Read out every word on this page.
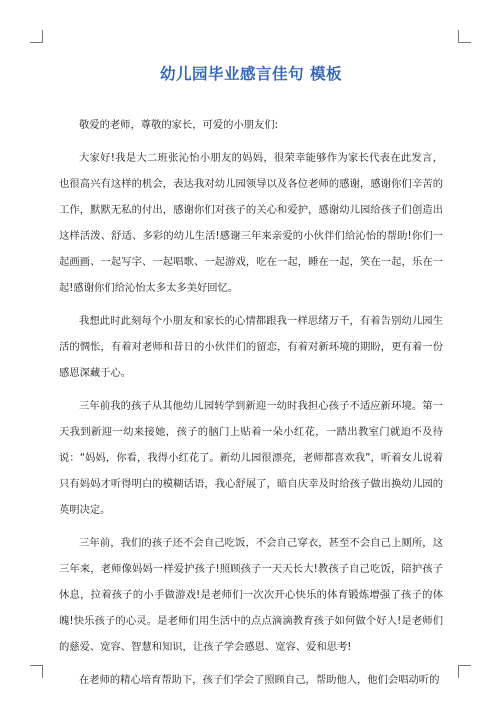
幼儿园毕业感言佳句 模板

敬爱的老师，尊敬的家长，可爱的小朋友们:

大家好!我是大二班张沁怡小朋友的妈妈，很荣幸能够作为家长代表在此发言，也很高兴有这样的机会，表达我对幼儿园领导以及各位老师的感谢，感谢你们辛苦的工作，默默无私的付出，感谢你们对孩子的关心和爱护，感谢幼儿园给孩子们创造出这样活泼、舒适、多彩的幼儿生活!感谢三年来亲爱的小伙伴们给沁怡的帮助!你们一起画画、一起写字、一起唱歌、一起游戏，吃在一起，睡在一起，笑在一起，乐在一起!感谢你们给沁怡太多太多美好回忆。

我想此时此刻每个小朋友和家长的心情都跟我一样思绪万千，有着告别幼儿园生活的惆怅，有着对老师和昔日的小伙伴们的留恋，有着对新环境的期盼，更有着一份感恩深藏于心。

三年前我的孩子从其他幼儿园转学到新迎一幼时我担心孩子不适应新环境。第一天我到新迎一幼来接她，孩子的脑门上贴着一朵小红花，一踏出教室门就迫不及待说：“妈妈，你看，我得小红花了。新幼儿园很漂亮，老师都喜欢我”，听着女儿说着只有妈妈才听得明白的模糊话语，我心舒展了，暗自庆幸及时给孩子做出换幼儿园的英明决定。

三年前，我们的孩子还不会自己吃饭，不会自己穿衣，甚至不会自己上厕所，这三年来，老师像妈妈一样爱护孩子!照顾孩子一天天长大!教孩子自己吃饭，陪护孩子休息，拉着孩子的小手做游戏!是老师们一次次开心快乐的体育锻炼增强了孩子的体魄!快乐孩子的心灵。是老师们用生活中的点点滴滴教育孩子如何做个好人!是老师们的慈爱、宽容、智慧和知识，让孩子学会感恩、宽容、爱和思考!

在老师的精心培育帮助下，孩子们学会了照顾自己，帮助他人，他们会唱动听的
